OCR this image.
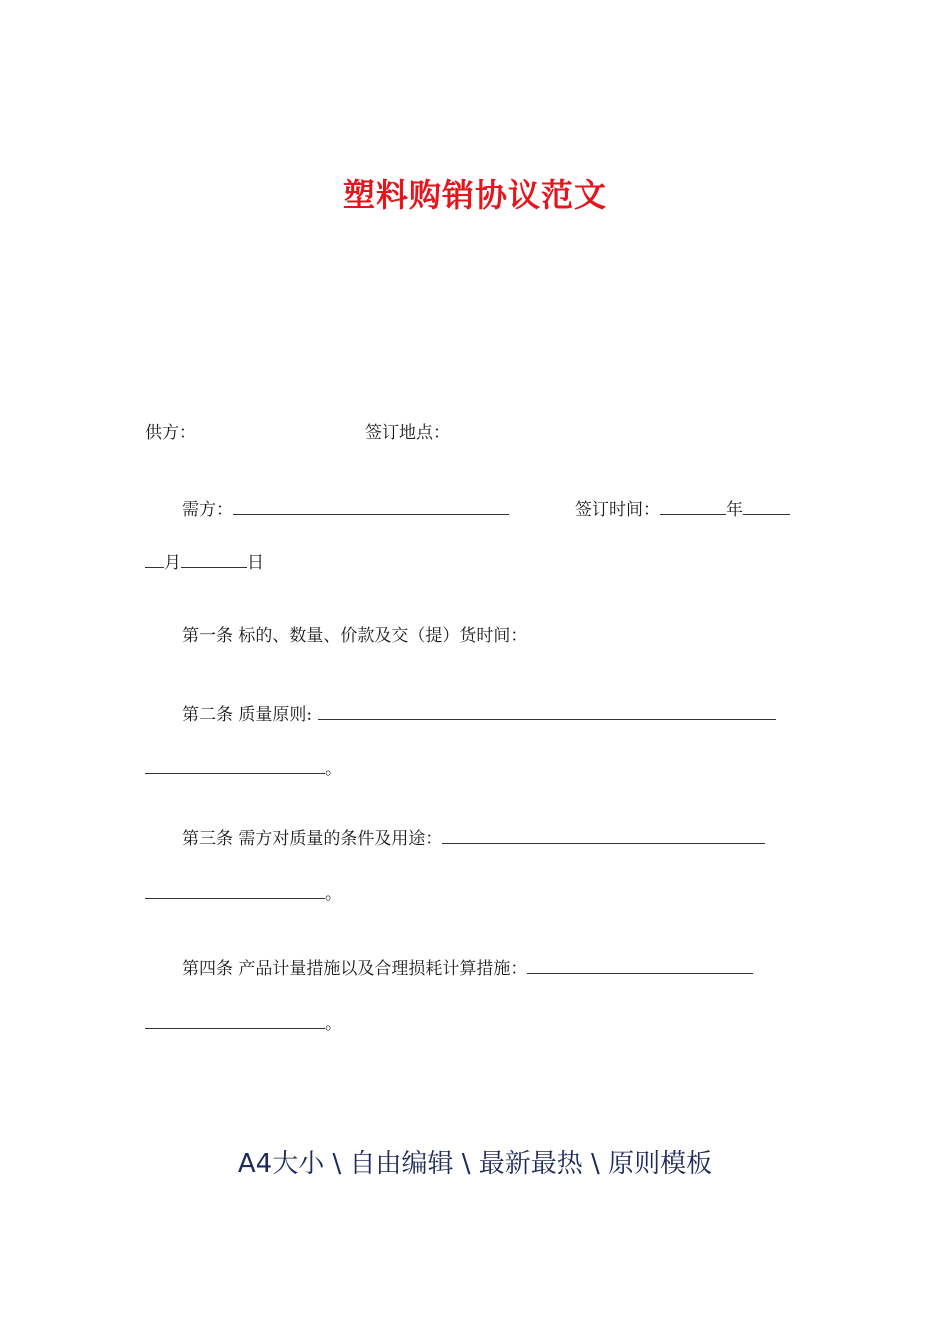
塑料购销协议范文
供方：	签订地点：
需方：	签订时间：	年
月	日
第一条 标的、数量、价款及交（提）货时间：
第二条 质量原则:
。
第三条 需方对质量的条件及用途：
。
第四条 产品计量措施以及合理损耗计算措施：
。
A4大小 \ 自由编辑 \ 最新最热 \ 原则模板
